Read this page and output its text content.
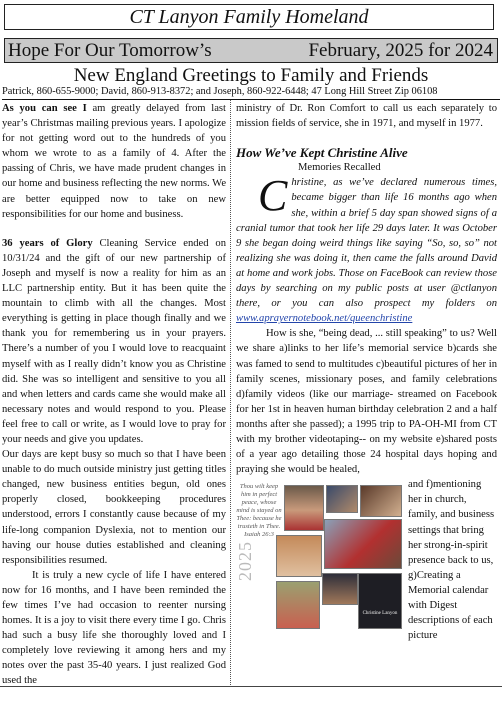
CT Lanyon Family Homeland
Hope For Our Tomorrow’s	February, 2025 for 2024
New England Greetings to Family and Friends
Patrick, 860-655-9000; David, 860-913-8372; and Joseph, 860-922-6448; 47 Long Hill Street Zip 06108

As you can see I am greatly delayed from last year’s Christmas mailing previous years. I apologize for not getting word out to the hundreds of you whom we wrote to as a family of 4. After the passing of Chris, we have made prudent changes in our home and business reflecting the new norms. We are better equipped now to take on new responsibilities for our home and business.

36 years of Glory Cleaning Service ended on 10/31/24 and the gift of our new partnership of Joseph and myself is now a reality for him as an LLC partnership entity. But it has been quite the mountain to climb with all the changes. Most everything is getting in place though finally and we thank you for remembering us in your prayers. There’s a number of you I would love to reacquaint myself with as I really didn’t know you as Christine did. She was so intelligent and sensitive to you all and when letters and cards came she would make all necessary notes and would respond to you. Please feel free to call or write, as I would love to pray for your needs and give you updates.

Our days are kept busy so much so that I have been unable to do much outside ministry just getting titles changed, new business entities begun, old ones properly closed, bookkeeping procedures understood, errors I constantly cause because of my life-long companion Dyslexia, not to mention our having our house duties established and cleaning responsibilities resumed.

It is truly a new cycle of life I have entered now for 16 months, and I have been reminded the few times I’ve had occasion to reenter nursing homes. It is a joy to visit there every time I go. Chris had such a busy life she thoroughly loved and I completely love reviewing it among hers and my notes over the past 35-40 years. I just realized God used the

ministry of Dr. Ron Comfort to call us each separately to mission fields of service, she in 1971, and myself in 1977.

How We’ve Kept Christine Alive

Memories Recalled

Christine, as we’ve declared numerous times, became bigger than life 16 months ago when she, within a brief 5 day span showed signs of a cranial tumor that took her life 29 days later. It was October 9 she began doing weird things like saying “So, so, so” not realizing she was doing it, then came the falls around David at home and work jobs. Those on FaceBook can review those days by searching on my public posts at user @ctlanyon there, or you can also prospect my folders on www.aprayernotebook.net/queenchristine

How is she, “being dead, ... still speaking” to us? Well we share a)links to her life’s memorial service b)cards she was famed to send to multitudes c)beautiful pictures of her in family scenes, missionary poses, and family celebrations d)family videos (like our marriage- streamed on Facebook for her 1st in heaven human birthday celebration 2 and a half months after she passed); a 1995 trip to PA-OH-MI from CT with my brother videotaping-- on my website e)shared posts of a year ago detailing those 24 hospital days hoping and praying she would be healed,

Thou wilt keep him in perfect peace, whose mind is stayed on Thee: because he trusteth in Thee. Isaiah 26:3
2025
Christine Lanyon

and f)mentioning her in church, family, and business settings that bring her strong-in-spirit presence back to us, g)Creating a Memorial calendar with Digest descriptions of each picture
